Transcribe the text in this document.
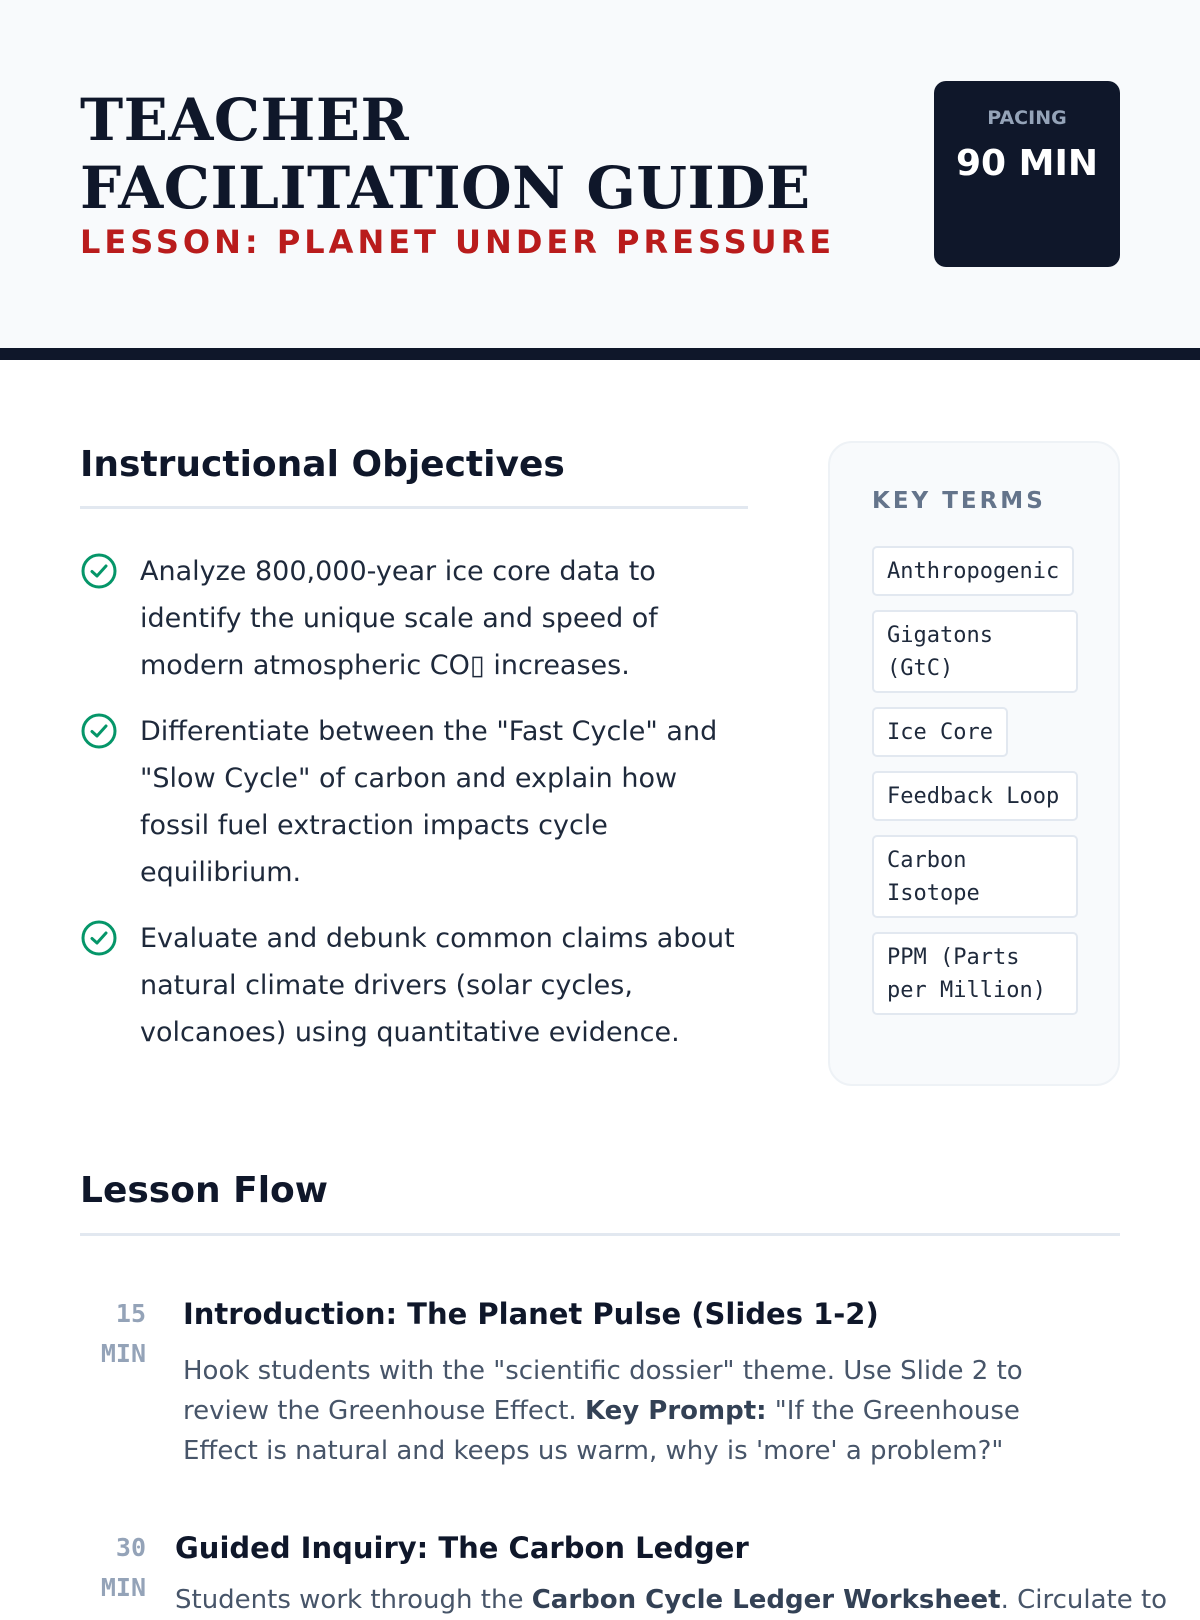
TEACHER FACILITATION GUIDE
LESSON: PLANET UNDER PRESSURE
PACING
90 MIN
Instructional Objectives
Analyze 800,000-year ice core data to identify the unique scale and speed of modern atmospheric CO▯ increases.
Differentiate between the "Fast Cycle" and "Slow Cycle" of carbon and explain how fossil fuel extraction impacts cycle equilibrium.
Evaluate and debunk common claims about natural climate drivers (solar cycles, volcanoes) using quantitative evidence.
KEY TERMS
Anthropogenic
Gigatons (GtC)
Ice Core
Feedback Loop
Carbon Isotope
PPM (Parts per Million)
Lesson Flow
15 MIN
Introduction: The Planet Pulse (Slides 1-2)
Hook students with the "scientific dossier" theme. Use Slide 2 to review the Greenhouse Effect. Key Prompt: "If the Greenhouse Effect is natural and keeps us warm, why is 'more' a problem?"
30 MIN
Guided Inquiry: The Carbon Ledger
Students work through the Carbon Cycle Ledger Worksheet. Circulate to
